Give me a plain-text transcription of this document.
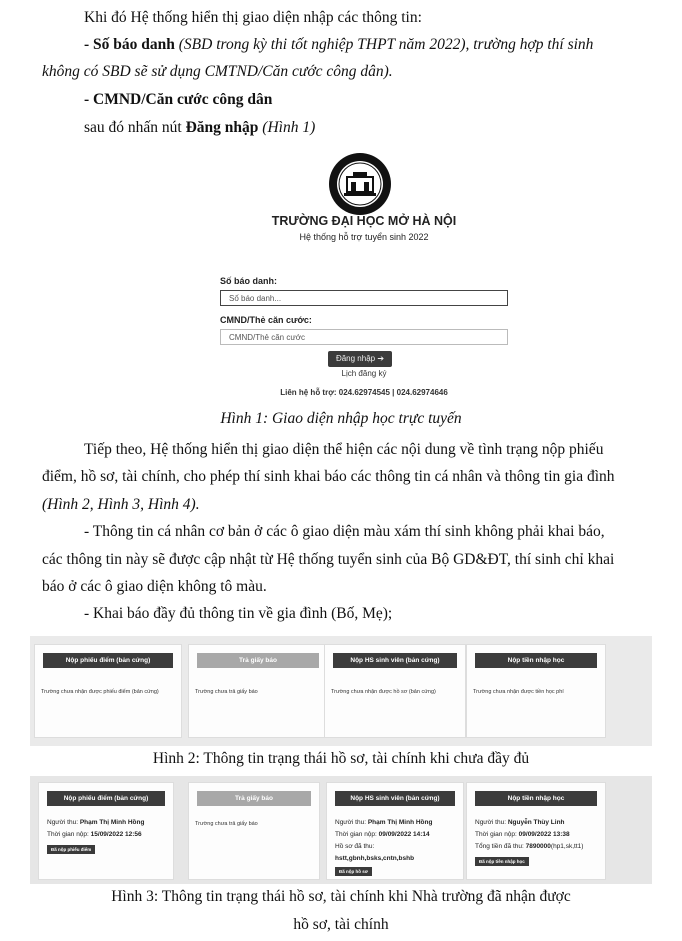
Khi đó Hệ thống hiển thị giao diện nhập các thông tin:
- Số báo danh (SBD trong kỳ thi tốt nghiệp THPT năm 2022), trường hợp thí sinh
không có SBD sẽ sử dụng CMTND/Căn cước công dân).
- CMND/Căn cước công dân
sau đó nhấn nút Đăng nhập (Hình 1)
TRƯỜNG ĐẠI HỌC MỞ HÀ NỘI
Hệ thống hỗ trợ tuyển sinh 2022
Số báo danh:
Số báo danh...
CMND/Thẻ căn cước:
CMND/Thẻ căn cước
Đăng nhập ➔
Lịch đăng ký
Liên hệ hỗ trợ: 024.62974545 | 024.62974646
Hình 1: Giao diện nhập học trực tuyến
Tiếp theo, Hệ thống hiển thị giao diện thể hiện các nội dung về tình trạng nộp phiếu
điểm, hồ sơ, tài chính, cho phép thí sinh khai báo các thông tin cá nhân và thông tin gia đình
(Hình 2, Hình 3, Hình 4).
- Thông tin cá nhân cơ bản ở các ô giao diện màu xám thí sinh không phải khai báo,
các thông tin này sẽ được cập nhật từ Hệ thống tuyển sinh của Bộ GD&ĐT, thí sinh chỉ khai
báo ở các ô giao diện không tô màu.
- Khai báo đầy đủ thông tin về gia đình (Bố, Mẹ);
Nộp phiếu điểm (bản cứng)
Trường chưa nhận được phiếu điểm (bản cứng)
Trả giấy báo
Trường chưa trả giấy báo
Nộp HS sinh viên (bản cứng)
Trường chưa nhận được hồ sơ (bản cứng)
Nộp tiền nhập học
Trường chưa nhận được tiền học phí
Hình 2: Thông tin trạng thái hồ sơ, tài chính khi chưa đầy đủ
Nộp phiếu điểm (bản cứng)
Người thu: Phạm Thị Minh Hồng
Thời gian nộp: 15/09/2022 12:56
Đã nộp phiếu điểm
Trả giấy báo
Trường chưa trả giấy báo
Nộp HS sinh viên (bản cứng)
Người thu: Phạm Thị Minh Hồng
Thời gian nộp: 09/09/2022 14:14
Hồ sơ đã thu:
hstt,gbnh,bsks,cntn,bshb
Đã nộp hồ sơ
Nộp tiền nhập học
Người thu: Nguyễn Thùy Linh
Thời gian nộp: 09/09/2022 13:38
Tổng tiền đã thu: 7890000(hp1,sk,tt1)
Đã nộp tiền nhập học
Hình 3: Thông tin trạng thái hồ sơ, tài chính khi Nhà trường đã nhận được
hồ sơ, tài chính
